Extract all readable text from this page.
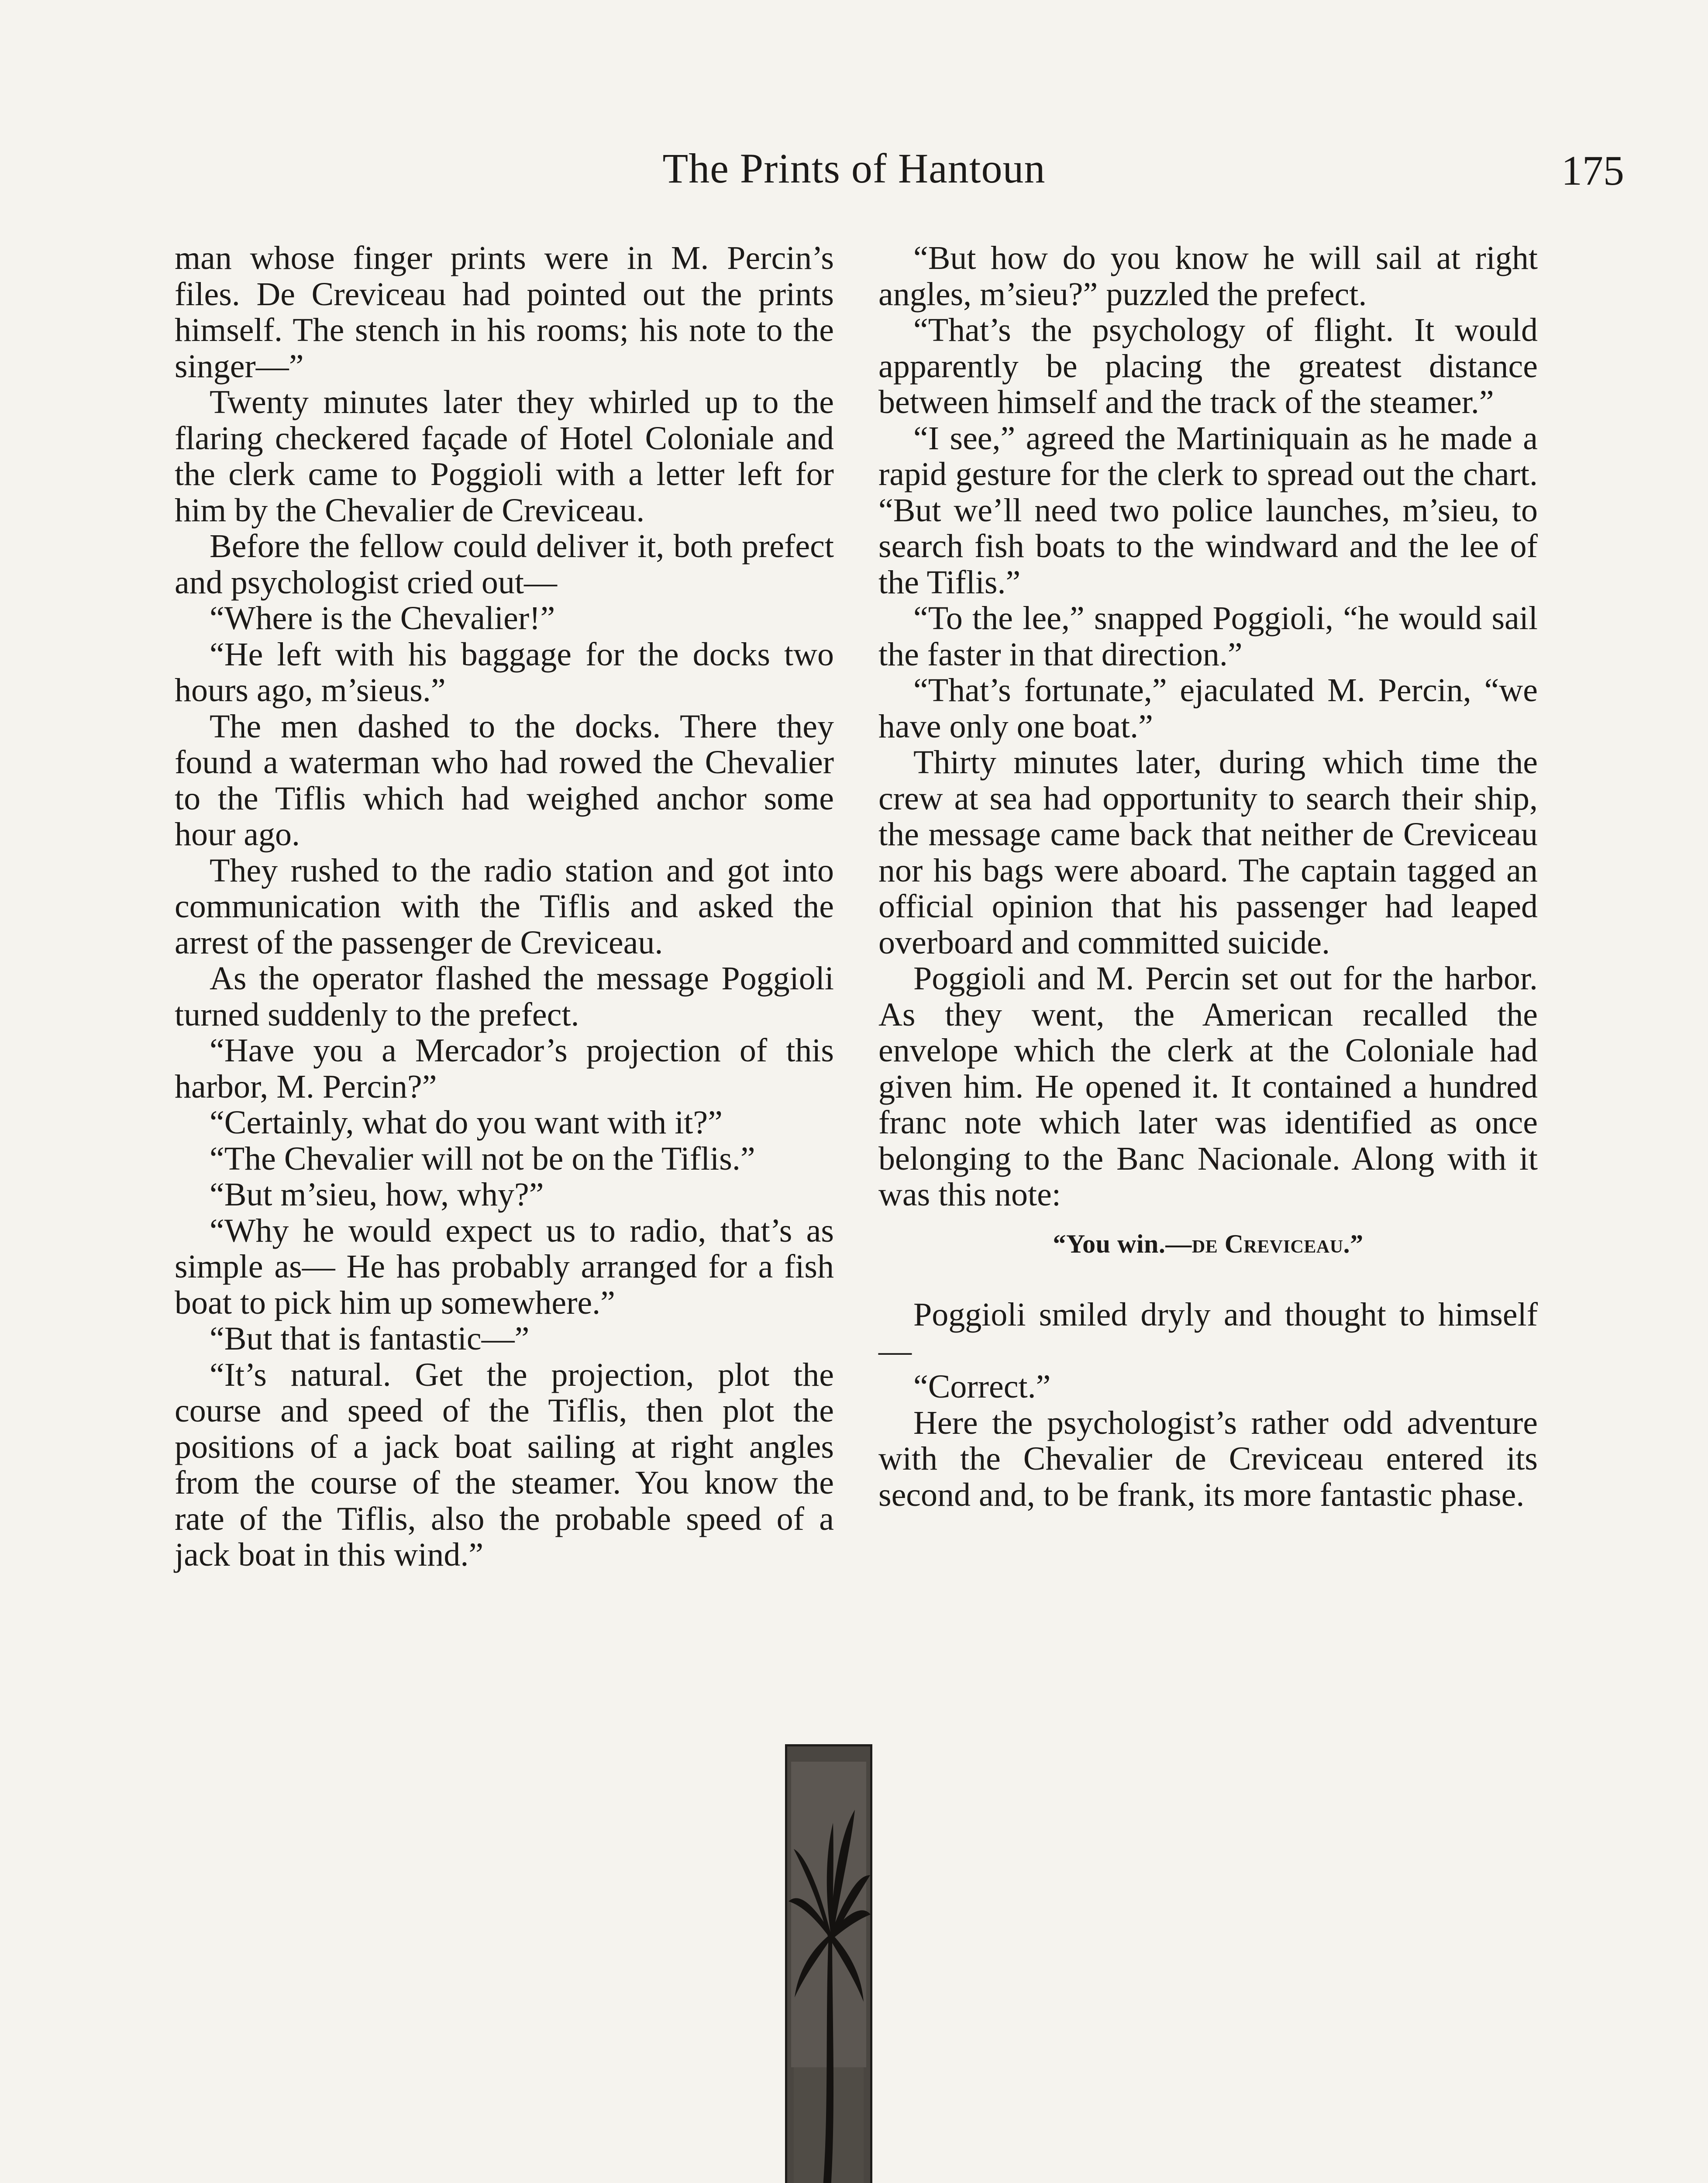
The Prints of Hantoun	175

man whose finger prints were in M. Percin’s files. De Creviceau had pointed out the prints himself. The stench in his rooms; his note to the singer—”

Twenty minutes later they whirled up to the flaring checkered façade of Hotel Coloniale and the clerk came to Poggioli with a letter left for him by the Chevalier de Creviceau.

Before the fellow could deliver it, both prefect and psychologist cried out—

“Where is the Chevalier!”

“He left with his baggage for the docks two hours ago, m’sieus.”

The men dashed to the docks. There they found a waterman who had rowed the Chevalier to the Tiflis which had weighed anchor some hour ago.

They rushed to the radio station and got into communication with the Tiflis and asked the arrest of the passenger de Creviceau.

As the operator flashed the message Poggioli turned suddenly to the prefect.

“Have you a Mercador’s projection of this harbor, M. Percin?”

“Certainly, what do you want with it?”

“The Chevalier will not be on the Tiflis.”

“But m’sieu, how, why?”

“Why he would expect us to radio, that’s as simple as— He has probably arranged for a fish boat to pick him up somewhere.”

“But that is fantastic—”

“It’s natural. Get the projection, plot the course and speed of the Tiflis, then plot the positions of a jack boat sailing at right angles from the course of the steamer. You know the rate of the Tiflis, also the probable speed of a jack boat in this wind.”

“But how do you know he will sail at right angles, m’sieu?” puzzled the prefect.

“That’s the psychology of flight. It would apparently be placing the greatest distance between himself and the track of the steamer.”

“I see,” agreed the Martiniquain as he made a rapid gesture for the clerk to spread out the chart. “But we’ll need two police launches, m’sieu, to search fish boats to the windward and the lee of the Tiflis.”

“To the lee,” snapped Poggioli, “he would sail the faster in that direction.”

“That’s fortunate,” ejaculated M. Percin, “we have only one boat.”

Thirty minutes later, during which time the crew at sea had opportunity to search their ship, the message came back that neither de Creviceau nor his bags were aboard. The captain tagged an official opinion that his passenger had leaped overboard and committed suicide.

Poggioli and M. Percin set out for the harbor. As they went, the American recalled the envelope which the clerk at the Coloniale had given him. He opened it. It contained a hundred franc note which later was identified as once belonging to the Banc Nacionale. Along with it was this note:

“You win.—de Creviceau.”

Poggioli smiled dryly and thought to himself—

“Correct.”

Here the psychologist’s rather odd adventure with the Chevalier de Creviceau entered its second and, to be frank, its more fantastic phase.
